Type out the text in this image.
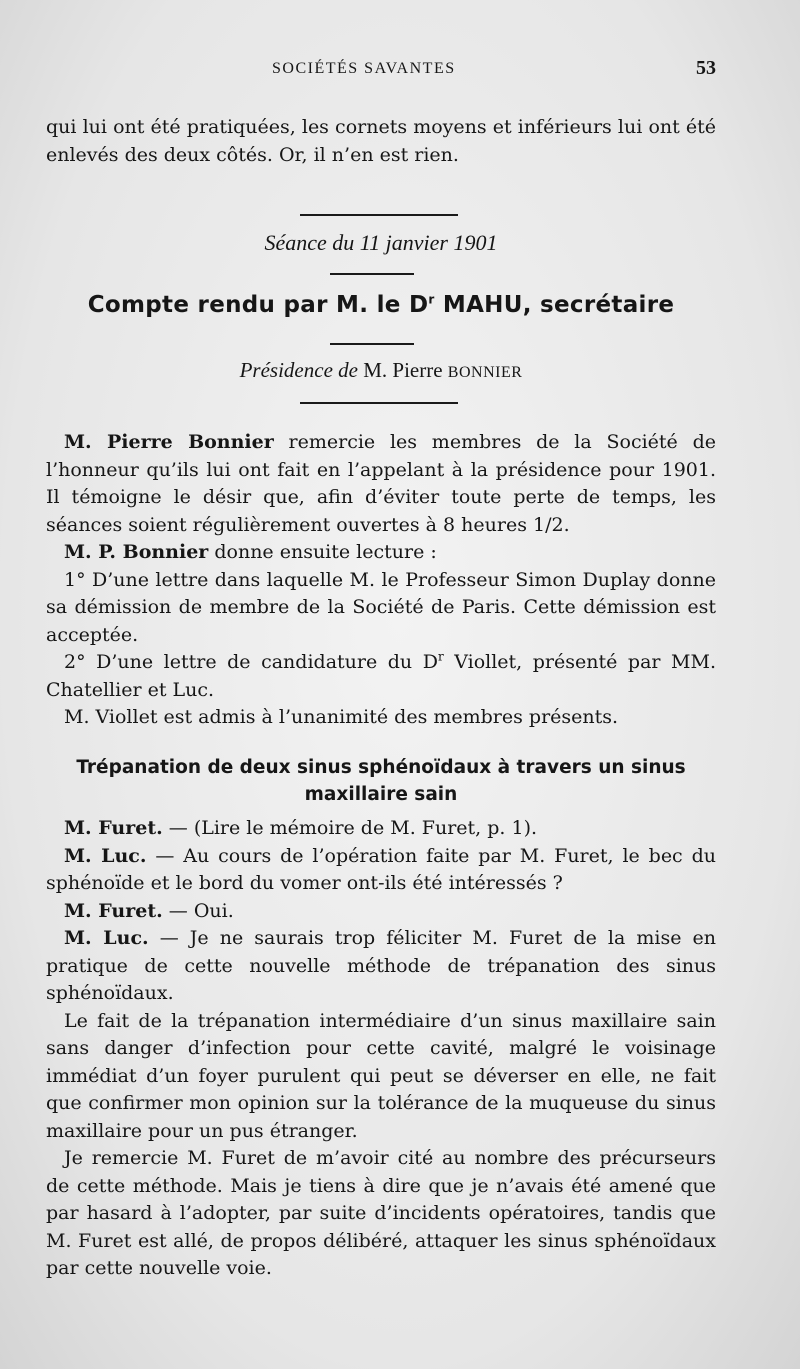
SOCIÉTÉS SAVANTES	53

qui lui ont été pratiquées, les cornets moyens et inférieurs lui ont été enlevés des deux côtés. Or, il n’en est rien.

Séance du 11 janvier 1901
Compte rendu par M. le $D^r$ MAHU, secrétaire
Présidence de M. Pierre BONNIER

M. Pierre Bonnier remercie les membres de la Société de l’honneur qu’ils lui ont fait en l’appelant à la présidence pour 1901. Il témoigne le désir que, afin d’éviter toute perte de temps, les séances soient régulièrement ouvertes à 8 heures 1/2.

M. P. Bonnier donne ensuite lecture :

1° D’une lettre dans laquelle M. le Professeur Simon Duplay donne sa démission de membre de la Société de Paris. Cette démission est acceptée.

2° D’une lettre de candidature du $D^r$ Viollet, présenté par MM. Chatellier et Luc.

M. Viollet est admis à l’unanimité des membres présents.

Trépanation de deux sinus sphénoïdaux à travers un sinus maxillaire sain

M. Furet. — (Lire le mémoire de M. Furet, p. 1).

M. Luc. — Au cours de l’opération faite par M. Furet, le bec du sphénoïde et le bord du vomer ont-ils été intéressés ?

M. Furet. — Oui.

M. Luc. — Je ne saurais trop féliciter M. Furet de la mise en pratique de cette nouvelle méthode de trépanation des sinus sphénoïdaux.

Le fait de la trépanation intermédiaire d’un sinus maxillaire sain sans danger d’infection pour cette cavité, malgré le voisinage immédiat d’un foyer purulent qui peut se déverser en elle, ne fait que confirmer mon opinion sur la tolérance de la muqueuse du sinus maxillaire pour un pus étranger.

Je remercie M. Furet de m’avoir cité au nombre des précurseurs de cette méthode. Mais je tiens à dire que je n’avais été amené que par hasard à l’adopter, par suite d’incidents opératoires, tandis que M. Furet est allé, de propos délibéré, attaquer les sinus sphénoïdaux par cette nouvelle voie.
